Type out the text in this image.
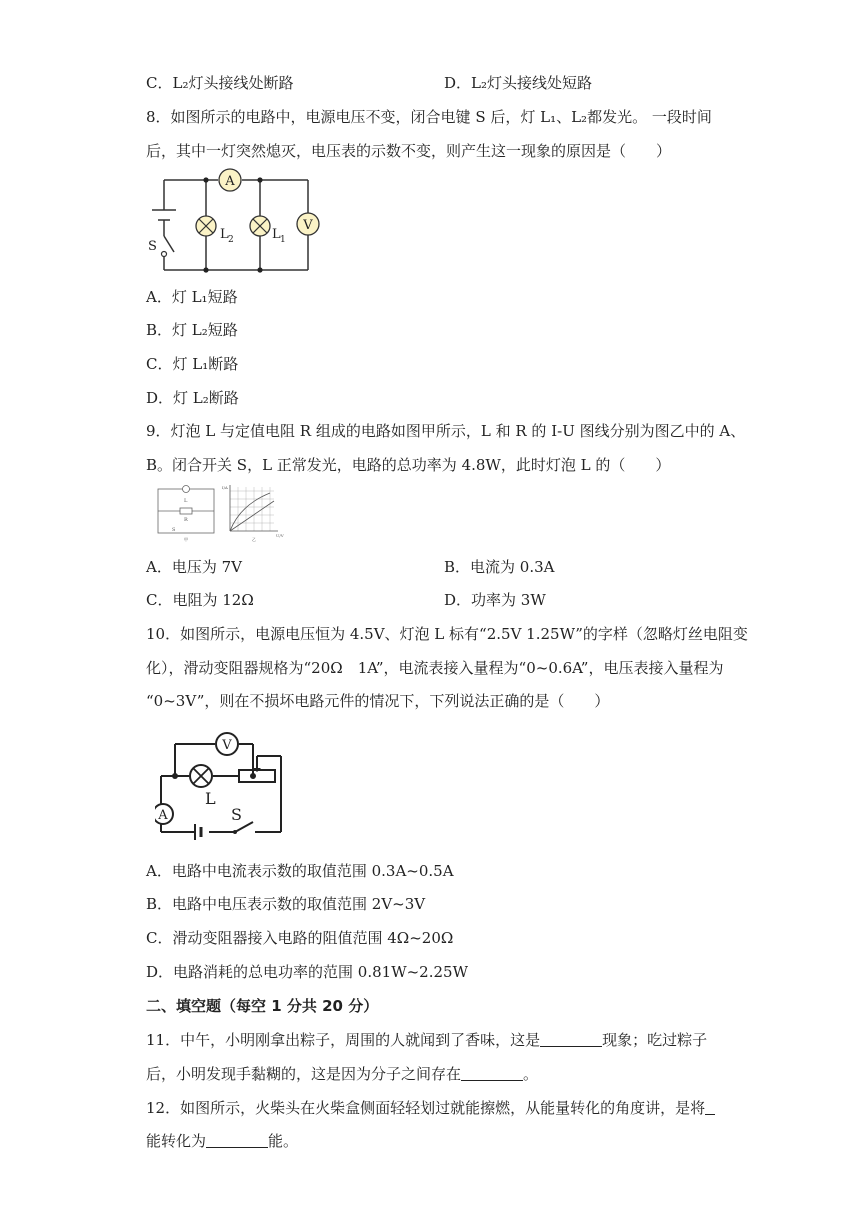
C．L₂灯头接线处断路	D．L₂灯头接线处短路
8．如图所示的电路中，电源电压不变，闭合电键 S 后，灯 L₁、L₂都发光。 一段时间
后，其中一灯突然熄灭，电压表的示数不变，则产生这一现象的原因是（　　）
A
V
S
L 2	L 1
A．灯 L₁短路
B．灯 L₂短路
C．灯 L₁断路
D．灯 L₂断路
9．灯泡 L 与定值电阻 R 组成的电路如图甲所示，L 和 R 的 I-U 图线分别为图乙中的 A、
B。闭合开关 S，L 正常发光，电路的总功率为 4.8W，此时灯泡 L 的（　　）
L
R
S
甲
I/A
U/V
乙
A．电压为 7V	B．电流为 0.3A
C．电阻为 12Ω	D．功率为 3W
10．如图所示，电源电压恒为 4.5V、灯泡 L 标有“2.5V 1.25W”的字样（忽略灯丝电阻变
化），滑动变阻器规格为“20Ω　1A”，电流表接入量程为“0~0.6A”，电压表接入量程为
“0~3V”，则在不损坏电路元件的情况下，下列说法正确的是（　　）
V
L
A	S
A．电路中电流表示数的取值范围 0.3A~0.5A
B．电路中电压表示数的取值范围 2V~3V
C．滑动变阻器接入电路的阻值范围 4Ω~20Ω
D．电路消耗的总电功率的范围 0.81W~2.25W
二、填空题（每空 1 分共 20 分）
11．中午，小明刚拿出粽子，周围的人就闻到了香味，这是	现象；吃过粽子
后，小明发现手黏糊的，这是因为分子之间存在	。
12．如图所示，火柴头在火柴盒侧面轻轻划过就能擦燃，从能量转化的角度讲，是将
能转化为	能。
